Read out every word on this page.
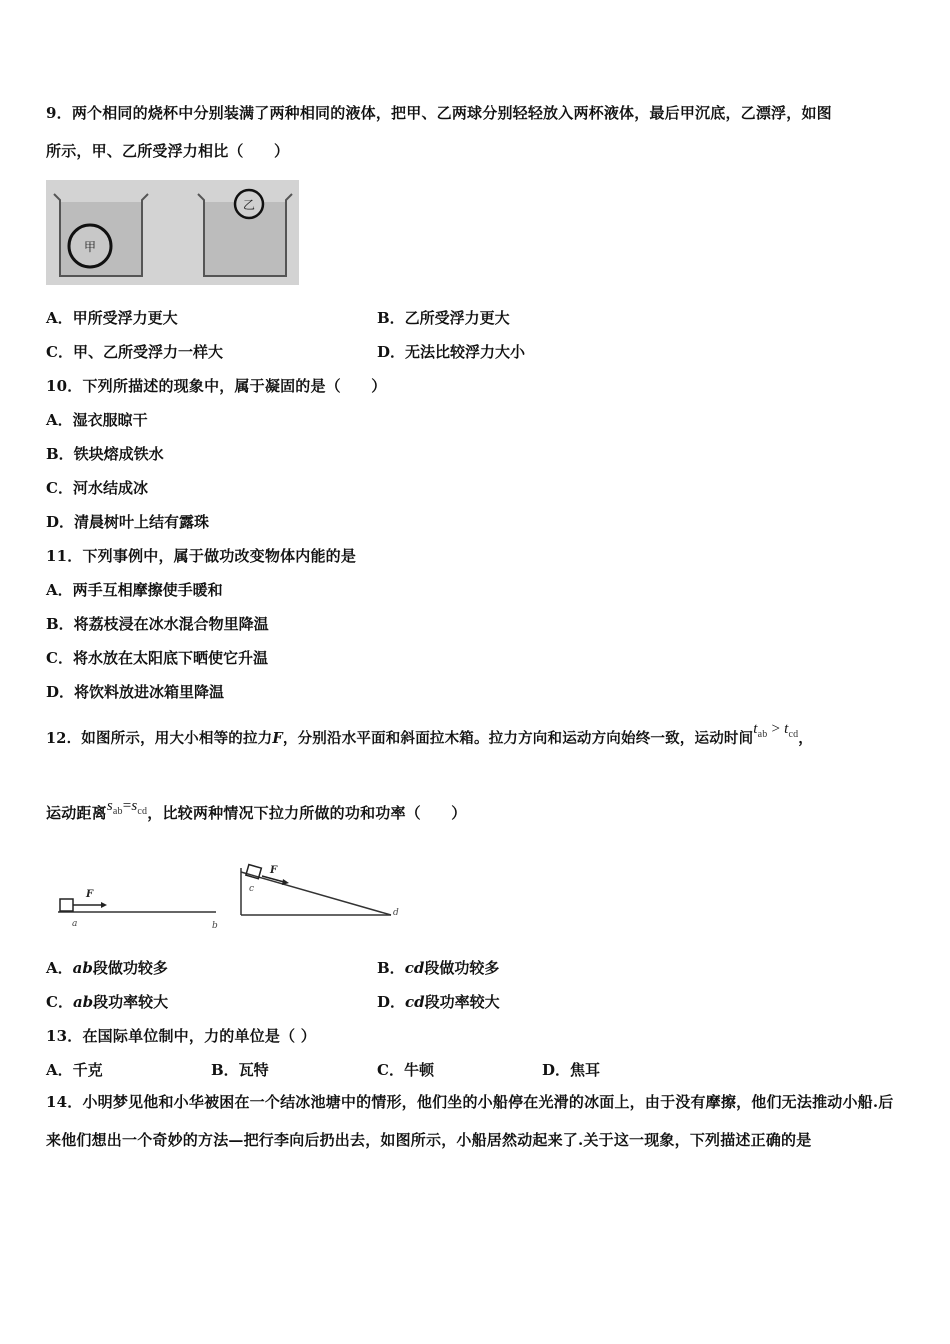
9．两个相同的烧杯中分别装满了两种相同的液体，把甲、乙两球分别轻轻放入两杯液体，最后甲沉底，乙漂浮，如图
所示，甲、乙所受浮力相比（　　）
甲
乙
A．甲所受浮力更大	B．乙所受浮力更大
C．甲、乙所受浮力一样大	D．无法比较浮力大小
10．下列所描述的现象中，属于凝固的是（　　）
A．湿衣服晾干
B．铁块熔成铁水
C．河水结成冰
D．清晨树叶上结有露珠
11．下列事例中，属于做功改变物体内能的是
A．两手互相摩擦使手暖和
B．将荔枝浸在冰水混合物里降温
C．将水放在太阳底下晒使它升温
D．将饮料放进冰箱里降温
12．如图所示，用大小相等的拉力F，分别沿水平面和斜面拉木箱。拉力方向和运动方向始终一致，运动时间$t_{ab} > t_{cd}$，
运动距离$s_{ab}=s_{cd}$，比较两种情况下拉力所做的功和功率（　　）
F
a	b
F
c
d
A．ab段做功较多	B．cd段做功较多
C．ab段功率较大	D．cd段功率较大
13．在国际单位制中，力的单位是（ ）
A．千克	B．瓦特	C．牛顿	D．焦耳
14．小明梦见他和小华被困在一个结冰池塘中的情形，他们坐的小船停在光滑的冰面上，由于没有摩擦，他们无法推动小船.后来他们想出一个奇妙的方法—把行李向后扔出去，如图所示，小船居然动起来了.关于这一现象，下列描述正确的是
